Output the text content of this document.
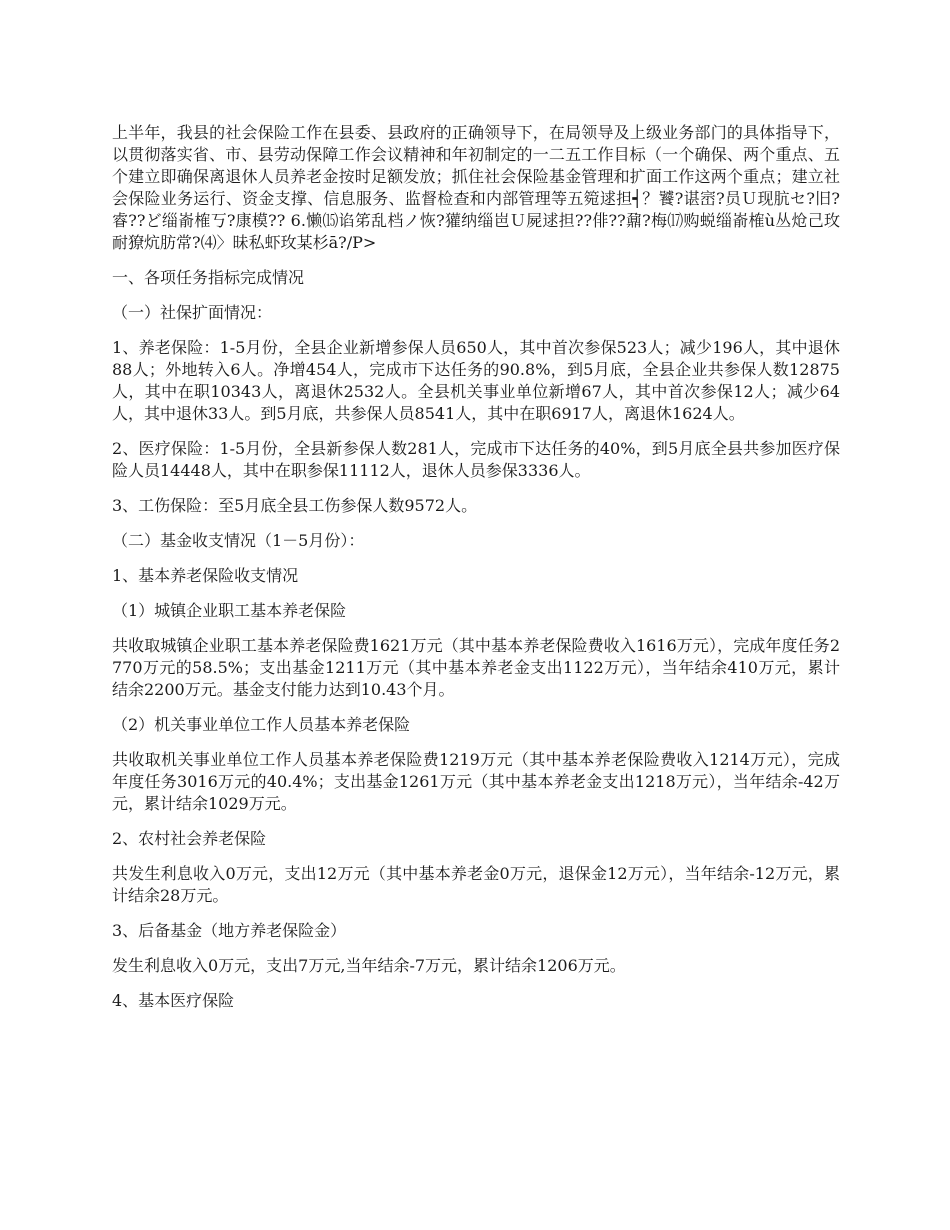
上半年，我县的社会保险工作在县委、县政府的正确领导下，在局领导及上级业务部门的具体指导下，以贯彻落实省、市、县劳动保障工作会议精神和年初制定的一二五工作目标（一个确保、两个重点、五个建立即确保离退休人员养老金按时足额发放；抓住社会保险基金管理和扩面工作这两个重点；建立社会保险业务运行、资金支撑、信息服务、监督检查和内部管理等五箢逑担┥？饕?谌崈?员Ｕ现肮セ?旧?睿??ど缁嵛榷丂?康模?? 6.懒⒂谄笫乱档ノ恢?獾纳缁岜Ｕ屍逑担??俳??鼐?梅⒄购蜕缁嵛榷ù丛炝己玫耐獠炕肪常?⑷〉昧私虾玫某杉ā?/P>

一、各项任务指标完成情况

（一）社保扩面情况：

1、养老保险：1-5月份，全县企业新增参保人员650人，其中首次参保523人；减少196人，其中退休88人；外地转入6人。净增454人，完成市下达任务的90.8%，到5月底，全县企业共参保人数12875人，其中在职10343人，离退休2532人。全县机关事业单位新增67人，其中首次参保12人；减少64人，其中退休33人。到5月底，共参保人员8541人，其中在职6917人，离退休1624人。

2、医疗保险：1-5月份，全县新参保人数281人，完成市下达任务的40%，到5月底全县共参加医疗保险人员14448人，其中在职参保11112人，退休人员参保3336人。

3、工伤保险：至5月底全县工伤参保人数9572人。

（二）基金收支情况（1－5月份）：

1、基本养老保险收支情况

（1）城镇企业职工基本养老保险

共收取城镇企业职工基本养老保险费1621万元（其中基本养老保险费收入1616万元），完成年度任务2770万元的58.5%；支出基金1211万元（其中基本养老金支出1122万元），当年结余410万元，累计结余2200万元。基金支付能力达到10.43个月。

（2）机关事业单位工作人员基本养老保险

共收取机关事业单位工作人员基本养老保险费1219万元（其中基本养老保险费收入1214万元），完成年度任务3016万元的40.4%；支出基金1261万元（其中基本养老金支出1218万元），当年结余-42万元，累计结余1029万元。

2、农村社会养老保险

共发生利息收入0万元，支出12万元（其中基本养老金0万元，退保金12万元），当年结余-12万元，累计结余28万元。

3、后备基金（地方养老保险金）

发生利息收入0万元，支出7万元,当年结余-7万元，累计结余1206万元。

4、基本医疗保险
